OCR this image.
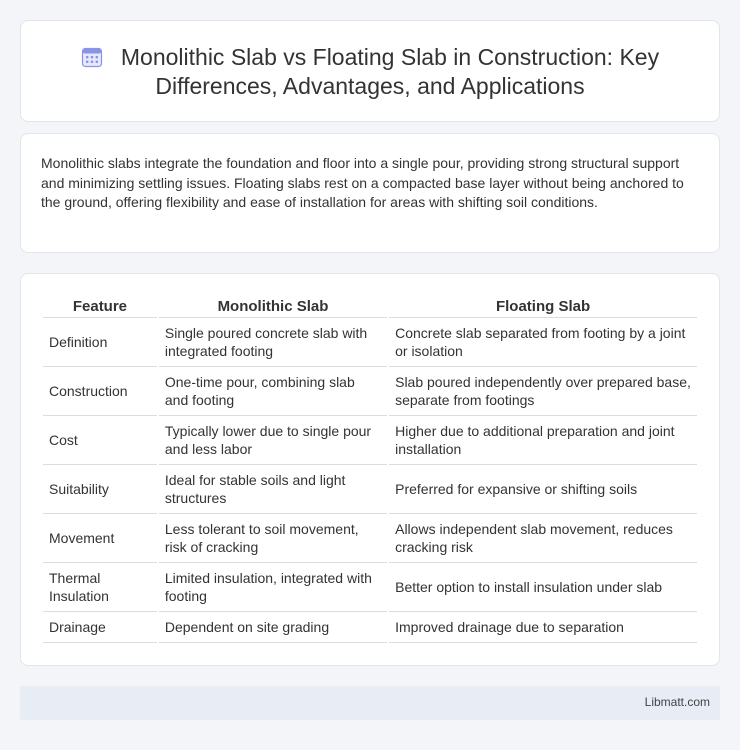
Monolithic Slab vs Floating Slab in Construction: Key Differences, Advantages, and Applications

Monolithic slabs integrate the foundation and floor into a single pour, providing strong structural support and minimizing settling issues. Floating slabs rest on a compacted base layer without being anchored to the ground, offering flexibility and ease of installation for areas with shifting soil conditions.

Feature	Monolithic Slab	Floating Slab
Definition	Single poured concrete slab with integrated footing	Concrete slab separated from footing by a joint or isolation
Construction	One-time pour, combining slab and footing	Slab poured independently over prepared base, separate from footings
Cost	Typically lower due to single pour and less labor	Higher due to additional preparation and joint installation
Suitability	Ideal for stable soils and light structures	Preferred for expansive or shifting soils
Movement	Less tolerant to soil movement, risk of cracking	Allows independent slab movement, reduces cracking risk
Thermal Insulation	Limited insulation, integrated with footing	Better option to install insulation under slab
Drainage	Dependent on site grading	Improved drainage due to separation
Libmatt.com
